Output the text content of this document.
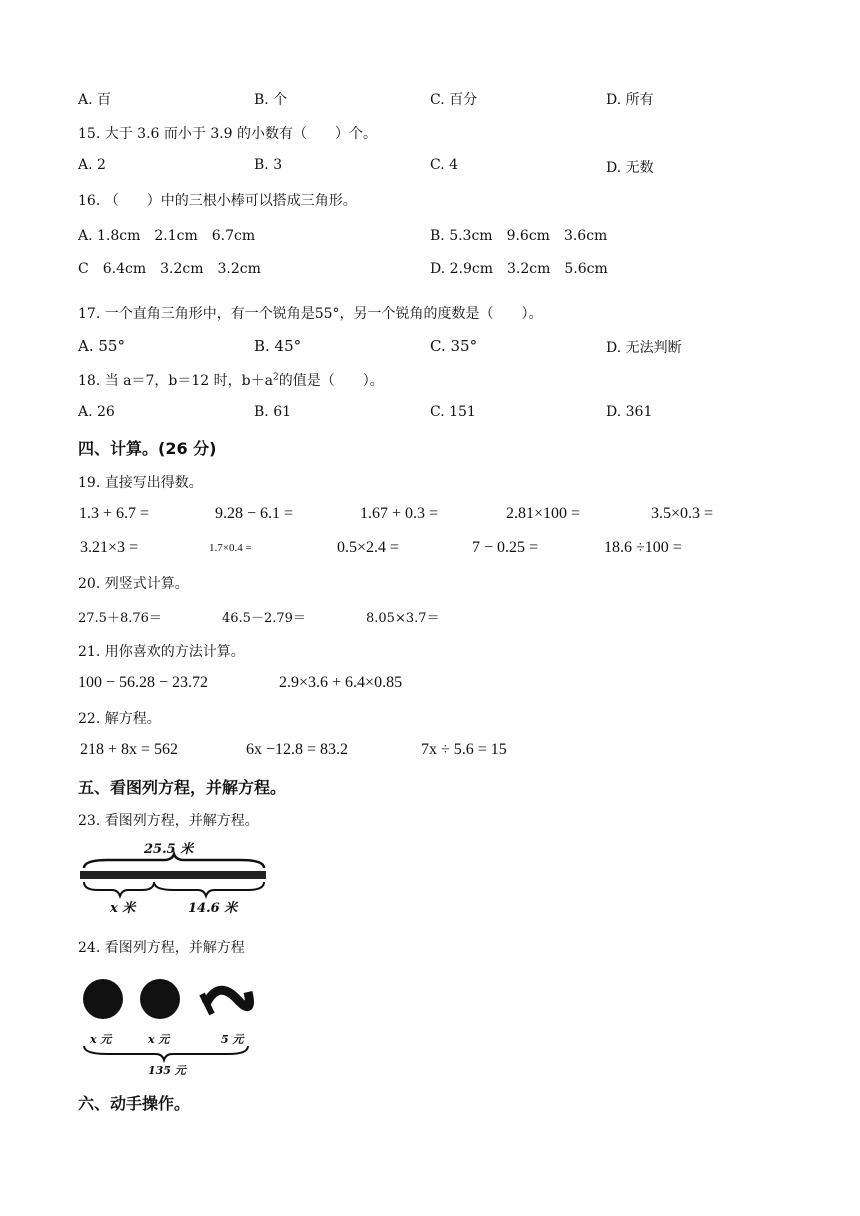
A. 百	B. 个	C. 百分	D. 所有
15. 大于 3.6 而小于 3.9 的小数有（　　）个。
A. 2	B. 3	C. 4	D. 无数
16. （　　）中的三根小棒可以搭成三角形。
A. 1.8cm　2.1cm　6.7cm	B. 5.3cm　9.6cm　3.6cm
C　6.4cm　3.2cm　3.2cm	D. 2.9cm　3.2cm　5.6cm
17. 一个直角三角形中，有一个锐角是55°，另一个锐角的度数是（　　）。
A. 55°	B. 45°	C. 35°	D. 无法判断
18. 当 a＝7，b＝12 时，$b+a^2$的值是（　　）。
A. 26	B. 61	C. 151	D. 361
四、计算。(26 分)
19. 直接写出得数。
1.3 + 6.7 =	9.28 − 6.1 =	1.67 + 0.3 =	2.81×100 =	3.5×0.3 =
3.21×3 =	1.7×0.4 =	0.5×2.4 =	7 − 0.25 =	18.6 ÷100 =
20. 列竖式计算。
27.5＋8.76＝	46.5－2.79＝	8.05×3.7＝
21. 用你喜欢的方法计算。
100 − 56.28 − 23.72	2.9×3.6 + 6.4×0.85
22. 解方程。
218 + 8x = 562	6x −12.8 = 83.2	7x ÷ 5.6 = 15
五、看图列方程，并解方程。
23. 看图列方程，并解方程。
25.5 米
x 米	14.6 米
24. 看图列方程，并解方程
x 元	x 元	5 元
135 元
六、动手操作。
